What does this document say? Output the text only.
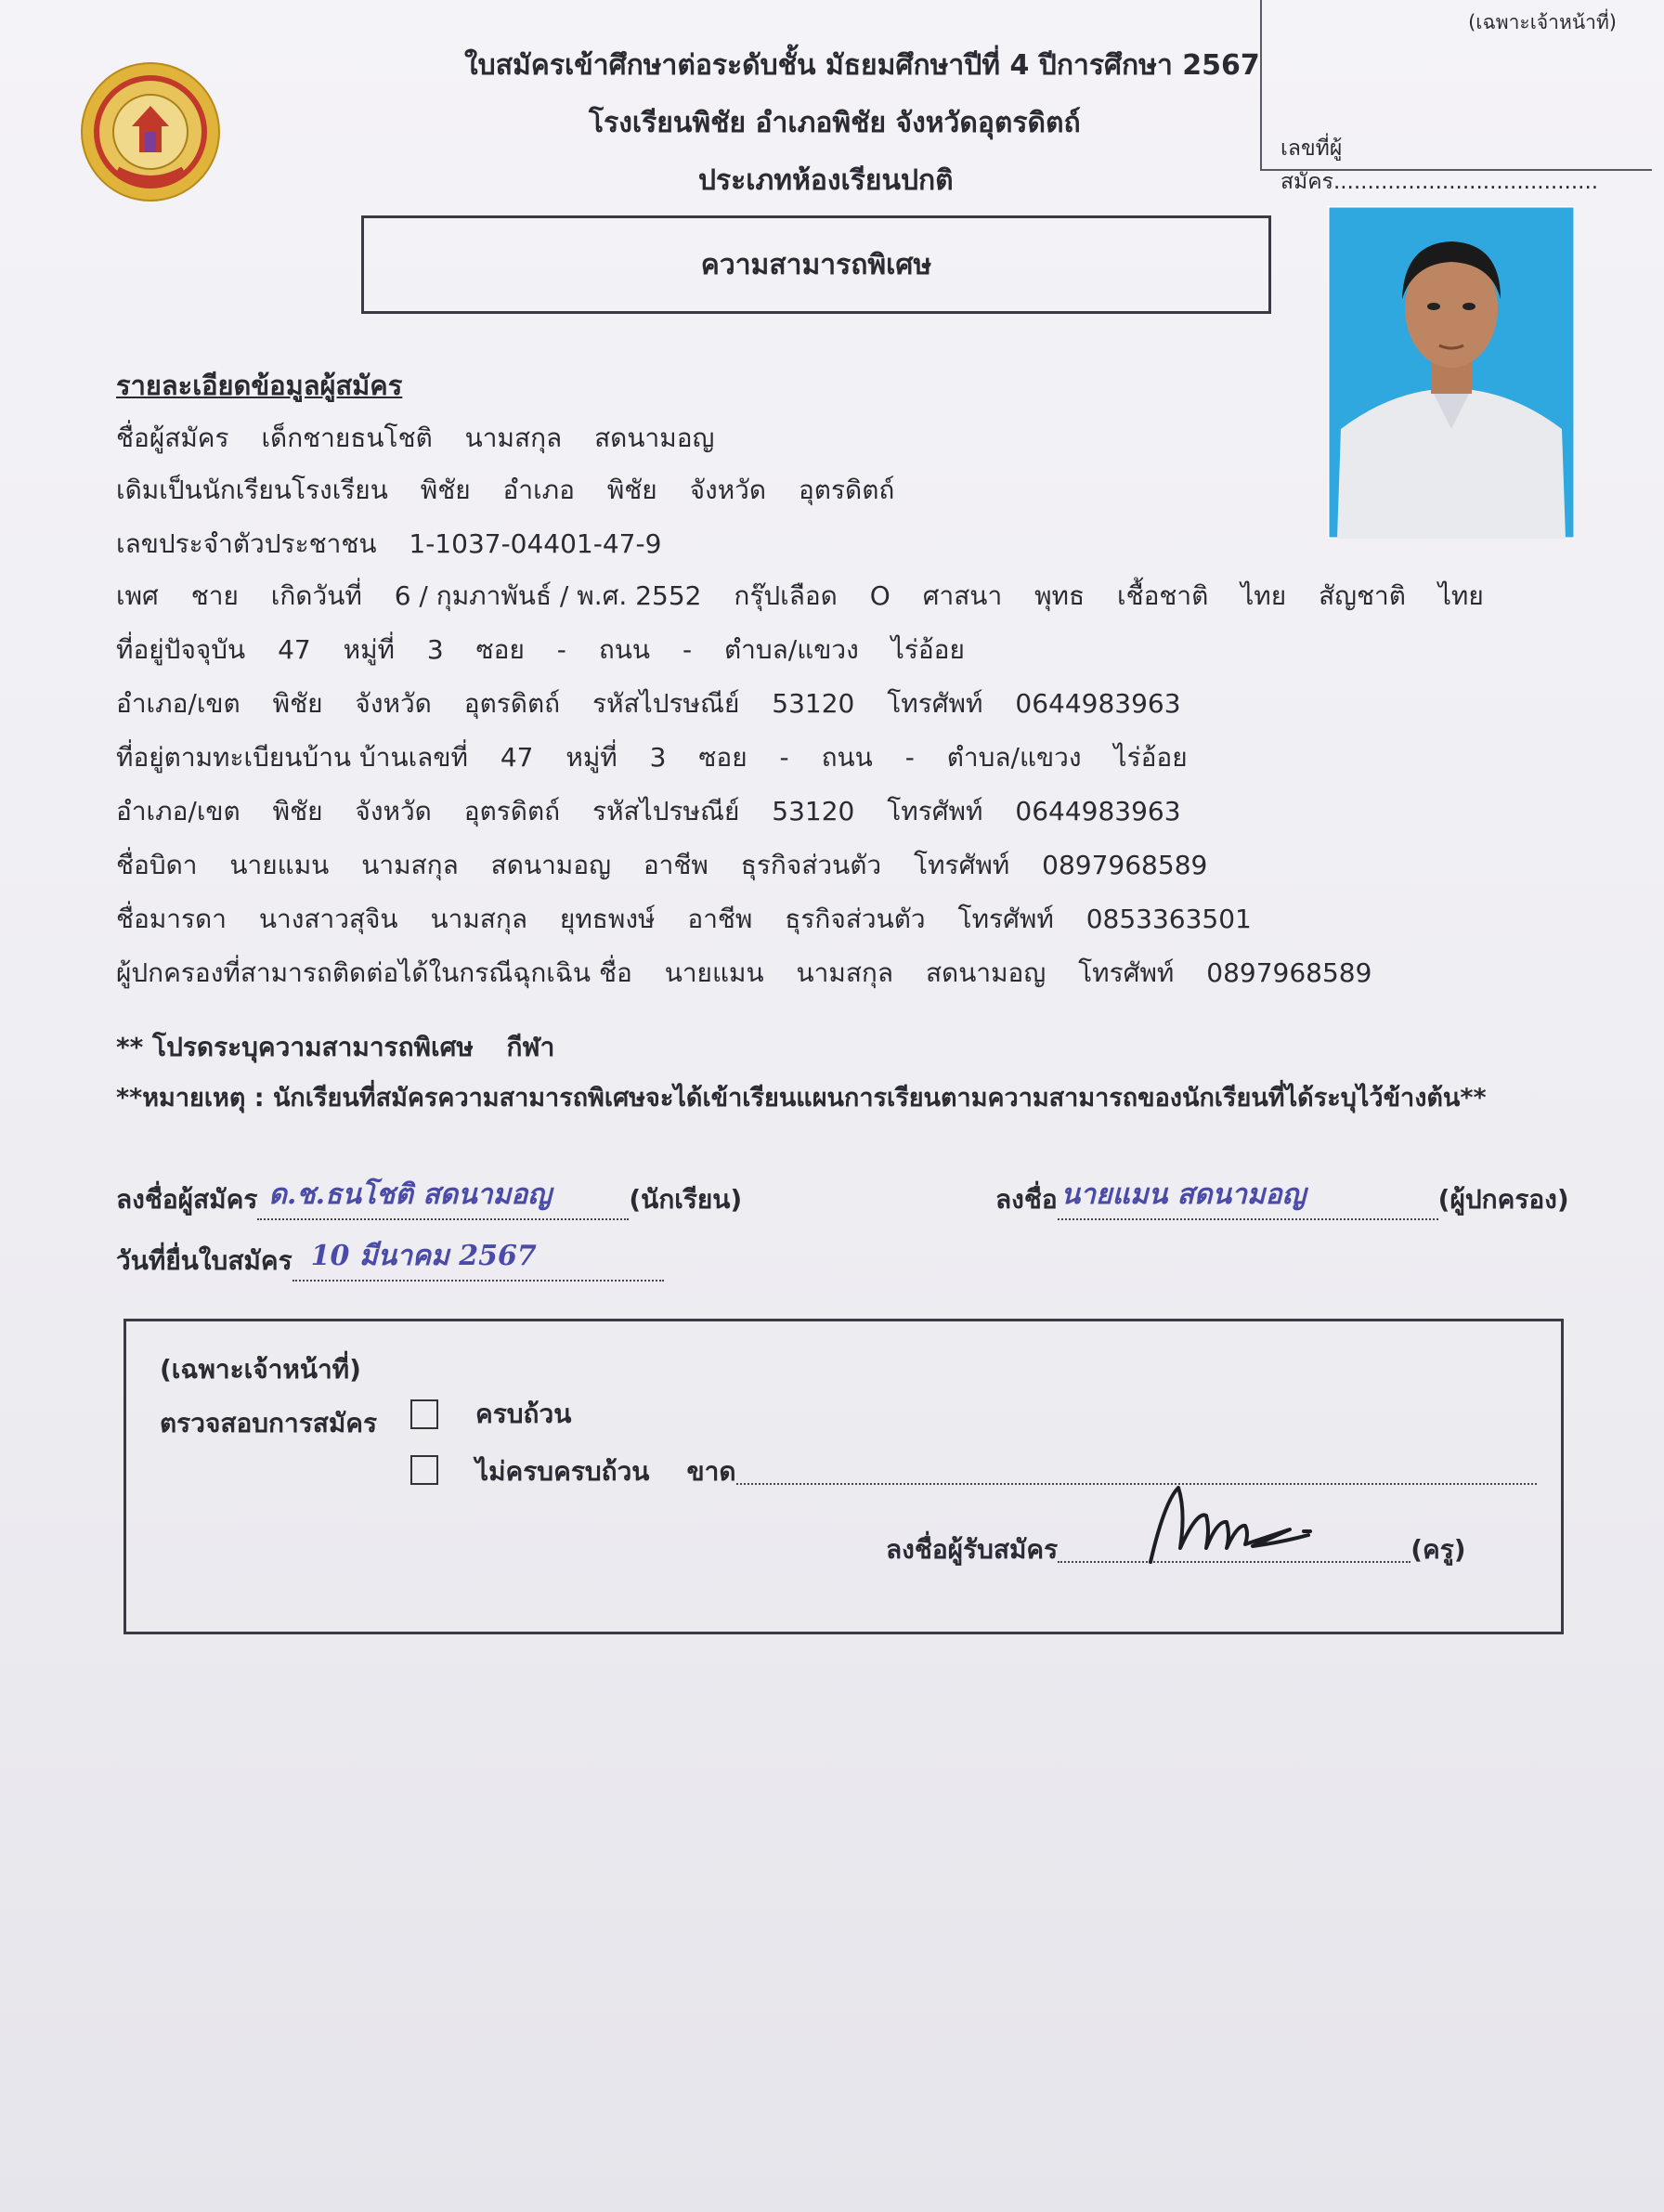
(เฉพาะเจ้าหน้าที่)
เลขที่ผู้สมัคร.......................................
ใบสมัครเข้าศึกษาต่อระดับชั้น มัธยมศึกษาปีที่ 4 ปีการศึกษา 2567
โรงเรียนพิชัย อำเภอพิชัย จังหวัดอุตรดิตถ์
ประเภทห้องเรียนปกติ
ความสามารถพิเศษ
รายละเอียดข้อมูลผู้สมัคร
ชื่อผู้สมัคร เด็กชายธนโชติ นามสกุล สดนามอญ
เดิมเป็นนักเรียนโรงเรียน พิชัย อำเภอ พิชัย จังหวัด อุตรดิตถ์
เลขประจำตัวประชาชน 1-1037-04401-47-9
เพศ ชาย เกิดวันที่ 6 / กุมภาพันธ์ / พ.ศ. 2552 กรุ๊ปเลือด O ศาสนา พุทธ เชื้อชาติ ไทย สัญชาติ ไทย
ที่อยู่ปัจจุบัน 47 หมู่ที่ 3 ซอย - ถนน - ตำบล/แขวง ไร่อ้อย
อำเภอ/เขต พิชัย จังหวัด อุตรดิตถ์ รหัสไปรษณีย์ 53120 โทรศัพท์ 0644983963
ที่อยู่ตามทะเบียนบ้าน บ้านเลขที่ 47 หมู่ที่ 3 ซอย - ถนน - ตำบล/แขวง ไร่อ้อย
อำเภอ/เขต พิชัย จังหวัด อุตรดิตถ์ รหัสไปรษณีย์ 53120 โทรศัพท์ 0644983963
ชื่อบิดา นายแมน นามสกุล สดนามอญ อาชีพ ธุรกิจส่วนตัว โทรศัพท์ 0897968589
ชื่อมารดา นางสาวสุจิน นามสกุล ยุทธพงษ์ อาชีพ ธุรกิจส่วนตัว โทรศัพท์ 0853363501
ผู้ปกครองที่สามารถติดต่อได้ในกรณีฉุกเฉิน ชื่อ นายแมน นามสกุล สดนามอญ โทรศัพท์ 0897968589
** โปรดระบุความสามารถพิเศษ กีฬา
**หมายเหตุ : นักเรียนที่สมัครความสามารถพิเศษจะได้เข้าเรียนแผนการเรียนตามความสามารถของนักเรียนที่ได้ระบุไว้ข้างต้น**
ลงชื่อผู้สมัคร ด.ช.ธนโชติ สดนามอญ	(นักเรียน)	ลงชื่อ นายแมน สดนามอญ	(ผู้ปกครอง)
วันที่ยื่นใบสมัคร 10 มีนาคม 2567
(เฉพาะเจ้าหน้าที่)
ตรวจสอบการสมัคร	ครบถ้วน
ไม่ครบครบถ้วน ขาด
ลงชื่อผู้รับสมัคร	(ครู)
